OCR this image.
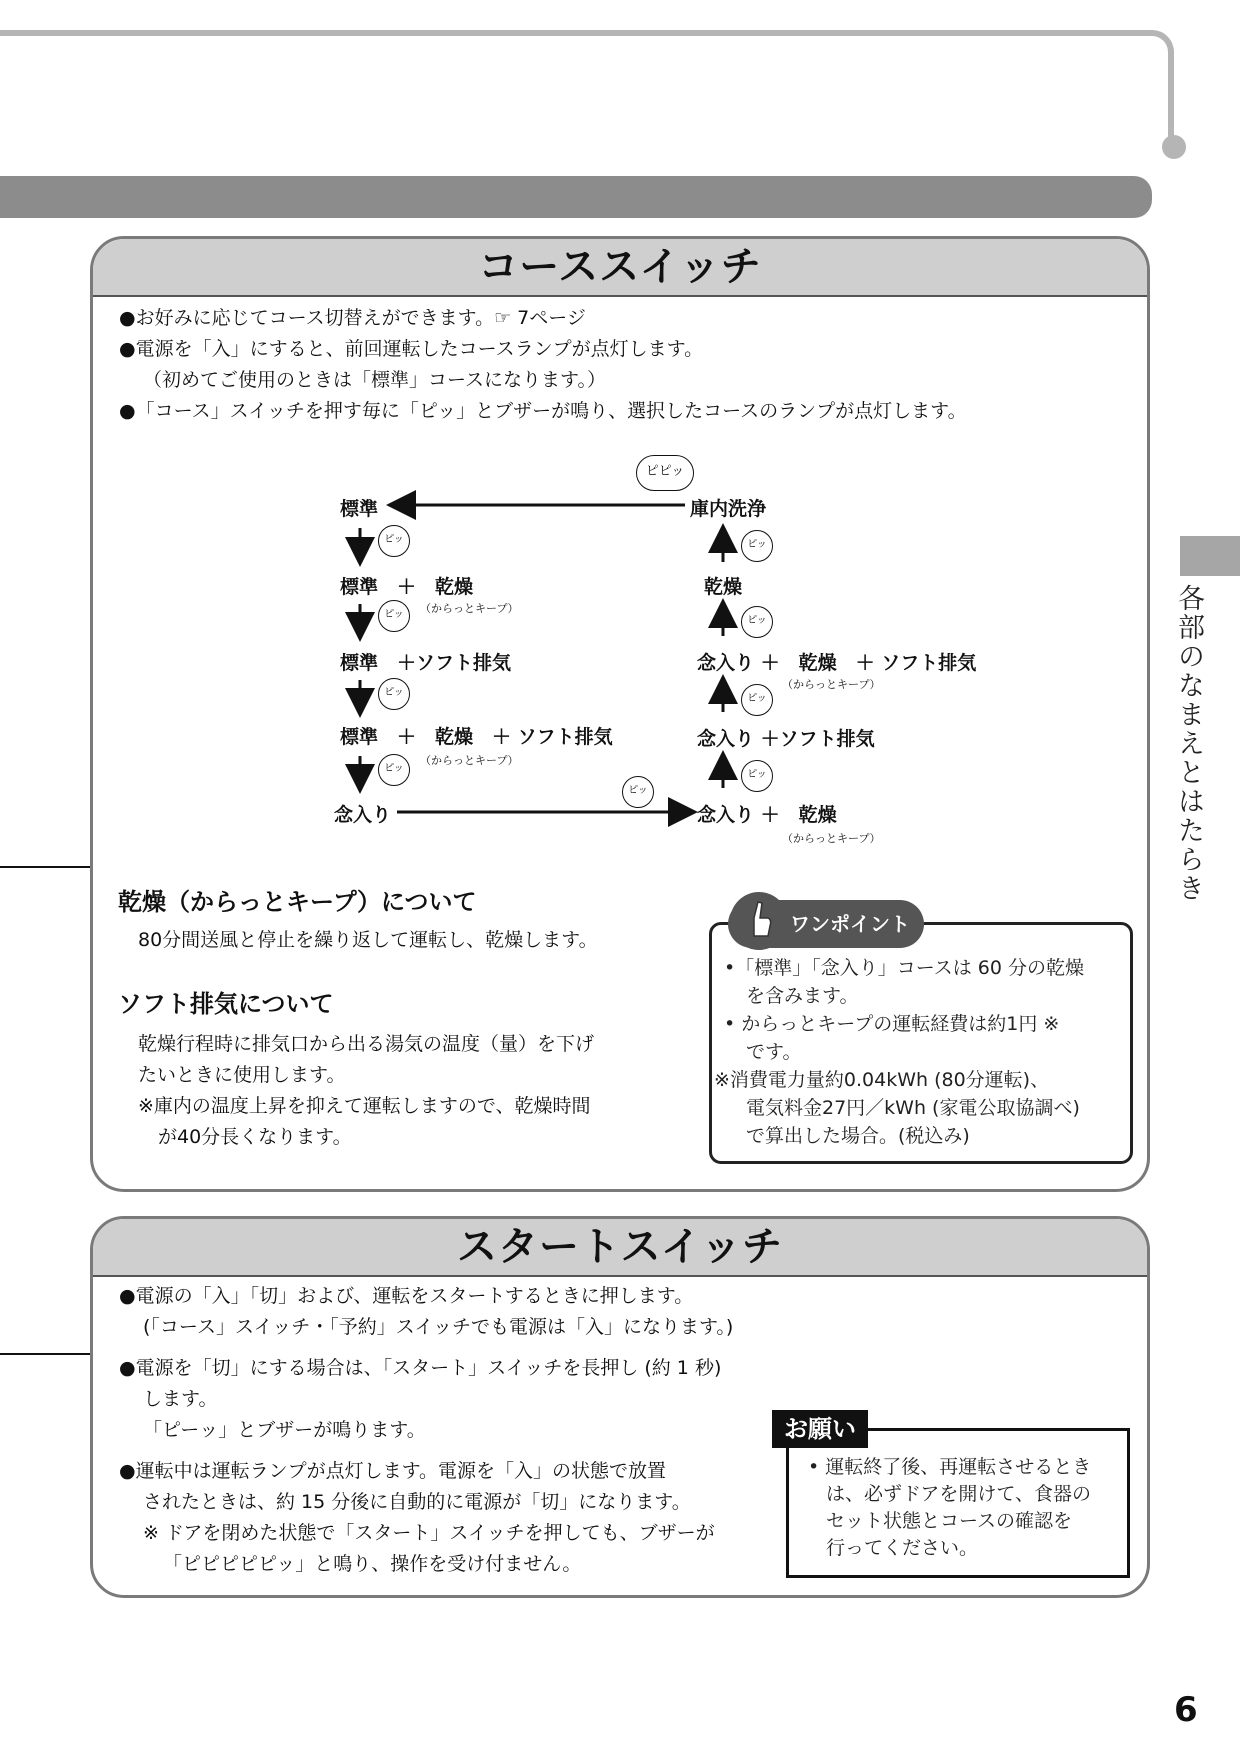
各部のなまえとはたらき
コーススイッチ

●お好みに応じてコース切替えができます。☞ 7ページ

●電源を「入」にすると、前回運転したコースランプが点灯します。

（初めてご使用のときは「標準」コースになります。）

●「コース」スイッチを押す毎に「ピッ」とブザーが鳴り、選択したコースのランプが点灯します。

ピピッ
ピッ
ピッ
ピッ
ピッ
ピッ
ピッ
ピッ
ピッ
ピッ
標準
標準　＋　乾燥
（からっとキープ）
標準　＋ソフト排気
標準　＋　乾燥　＋ ソフト排気
（からっとキープ）
念入り
庫内洗浄
乾燥
念入り ＋　乾燥　＋ ソフト排気
（からっとキープ）
念入り ＋ソフト排気
念入り ＋　乾燥
（からっとキープ）
乾燥（からっとキープ）について
80分間送風と停止を繰り返して運転し、乾燥します。
ソフト排気について
乾燥行程時に排気口から出る湯気の温度（量）を下げ
たいときに使用します。
※庫内の温度上昇を抑えて運転しますので、乾燥時間
が40分長くなります。
ワンポイント
•「標準」「念入り」コースは 60 分の乾燥
を含みます。
• からっとキープの運転経費は約1円 ※
です。
※消費電力量約0.04kWh (80分運転)、
電気料金27円／kWh (家電公取協調べ)
で算出した場合。(税込み)
スタートスイッチ

●電源の「入」「切」および、運転をスタートするときに押します。

(「コース」スイッチ・「予約」スイッチでも電源は「入」になります。)

●電源を「切」にする場合は、「スタート」スイッチを長押し (約 1 秒)

します。

「ピーッ」とブザーが鳴ります。

●運転中は運転ランプが点灯します。電源を「入」の状態で放置

されたときは、約 15 分後に自動的に電源が「切」になります。

※ ドアを閉めた状態で「スタート」スイッチを押しても、ブザーが

「ピピピピピッ」と鳴り、操作を受け付ません。

お願い
• 運転終了後、再運転させるとき
は、必ずドアを開けて、食器の
セット状態とコースの確認を
行ってください。
6
